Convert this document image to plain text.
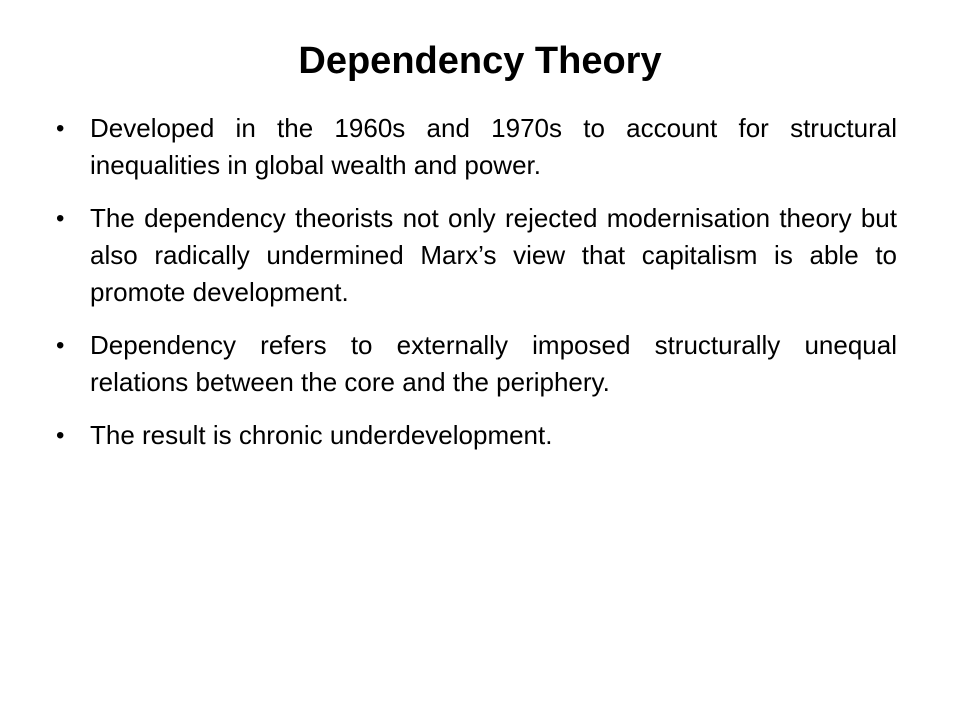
Dependency Theory
• Developed in the 1960s and 1970s to account for structural inequalities in global wealth and power.
• The dependency theorists not only rejected modernisation theory but also radically undermined Marx’s view that capitalism is able to promote development.
• Dependency refers to externally imposed structurally unequal relations between the core and the periphery.
• The result is chronic underdevelopment.
